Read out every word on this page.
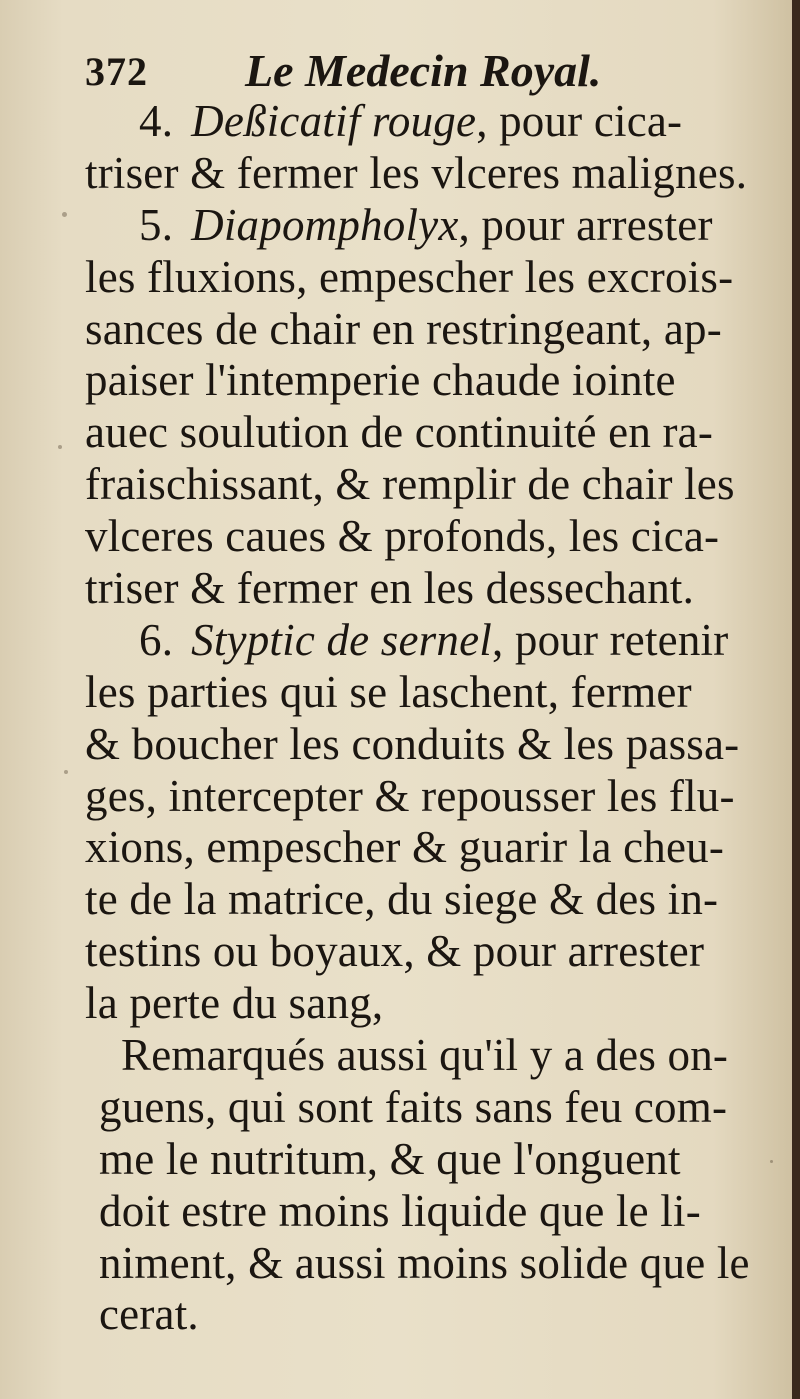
372 Le Medecin Royal.
4. Deßicatif rouge, pour cica-
triser & fermer les vlceres malignes.
5. Diapompholyx, pour arrester
les fluxions, empescher les excrois-
sances de chair en restringeant, ap-
paiser l'intemperie chaude iointe
auec soulution de continuité en ra-
fraischissant, & remplir de chair les
vlceres caues & profonds, les cica-
triser & fermer en les dessechant.
6. Styptic de sernel, pour retenir
les parties qui se laschent, fermer
& boucher les conduits & les passa-
ges, intercepter & repousser les flu-
xions, empescher & guarir la cheu-
te de la matrice, du siege & des in-
testins ou boyaux, & pour arrester
la perte du sang,
Remarqués aussi qu'il y a des on-
guens, qui sont faits sans feu com-
me le nutritum, & que l'onguent
doit estre moins liquide que le li-
niment, & aussi moins solide que le
cerat.
